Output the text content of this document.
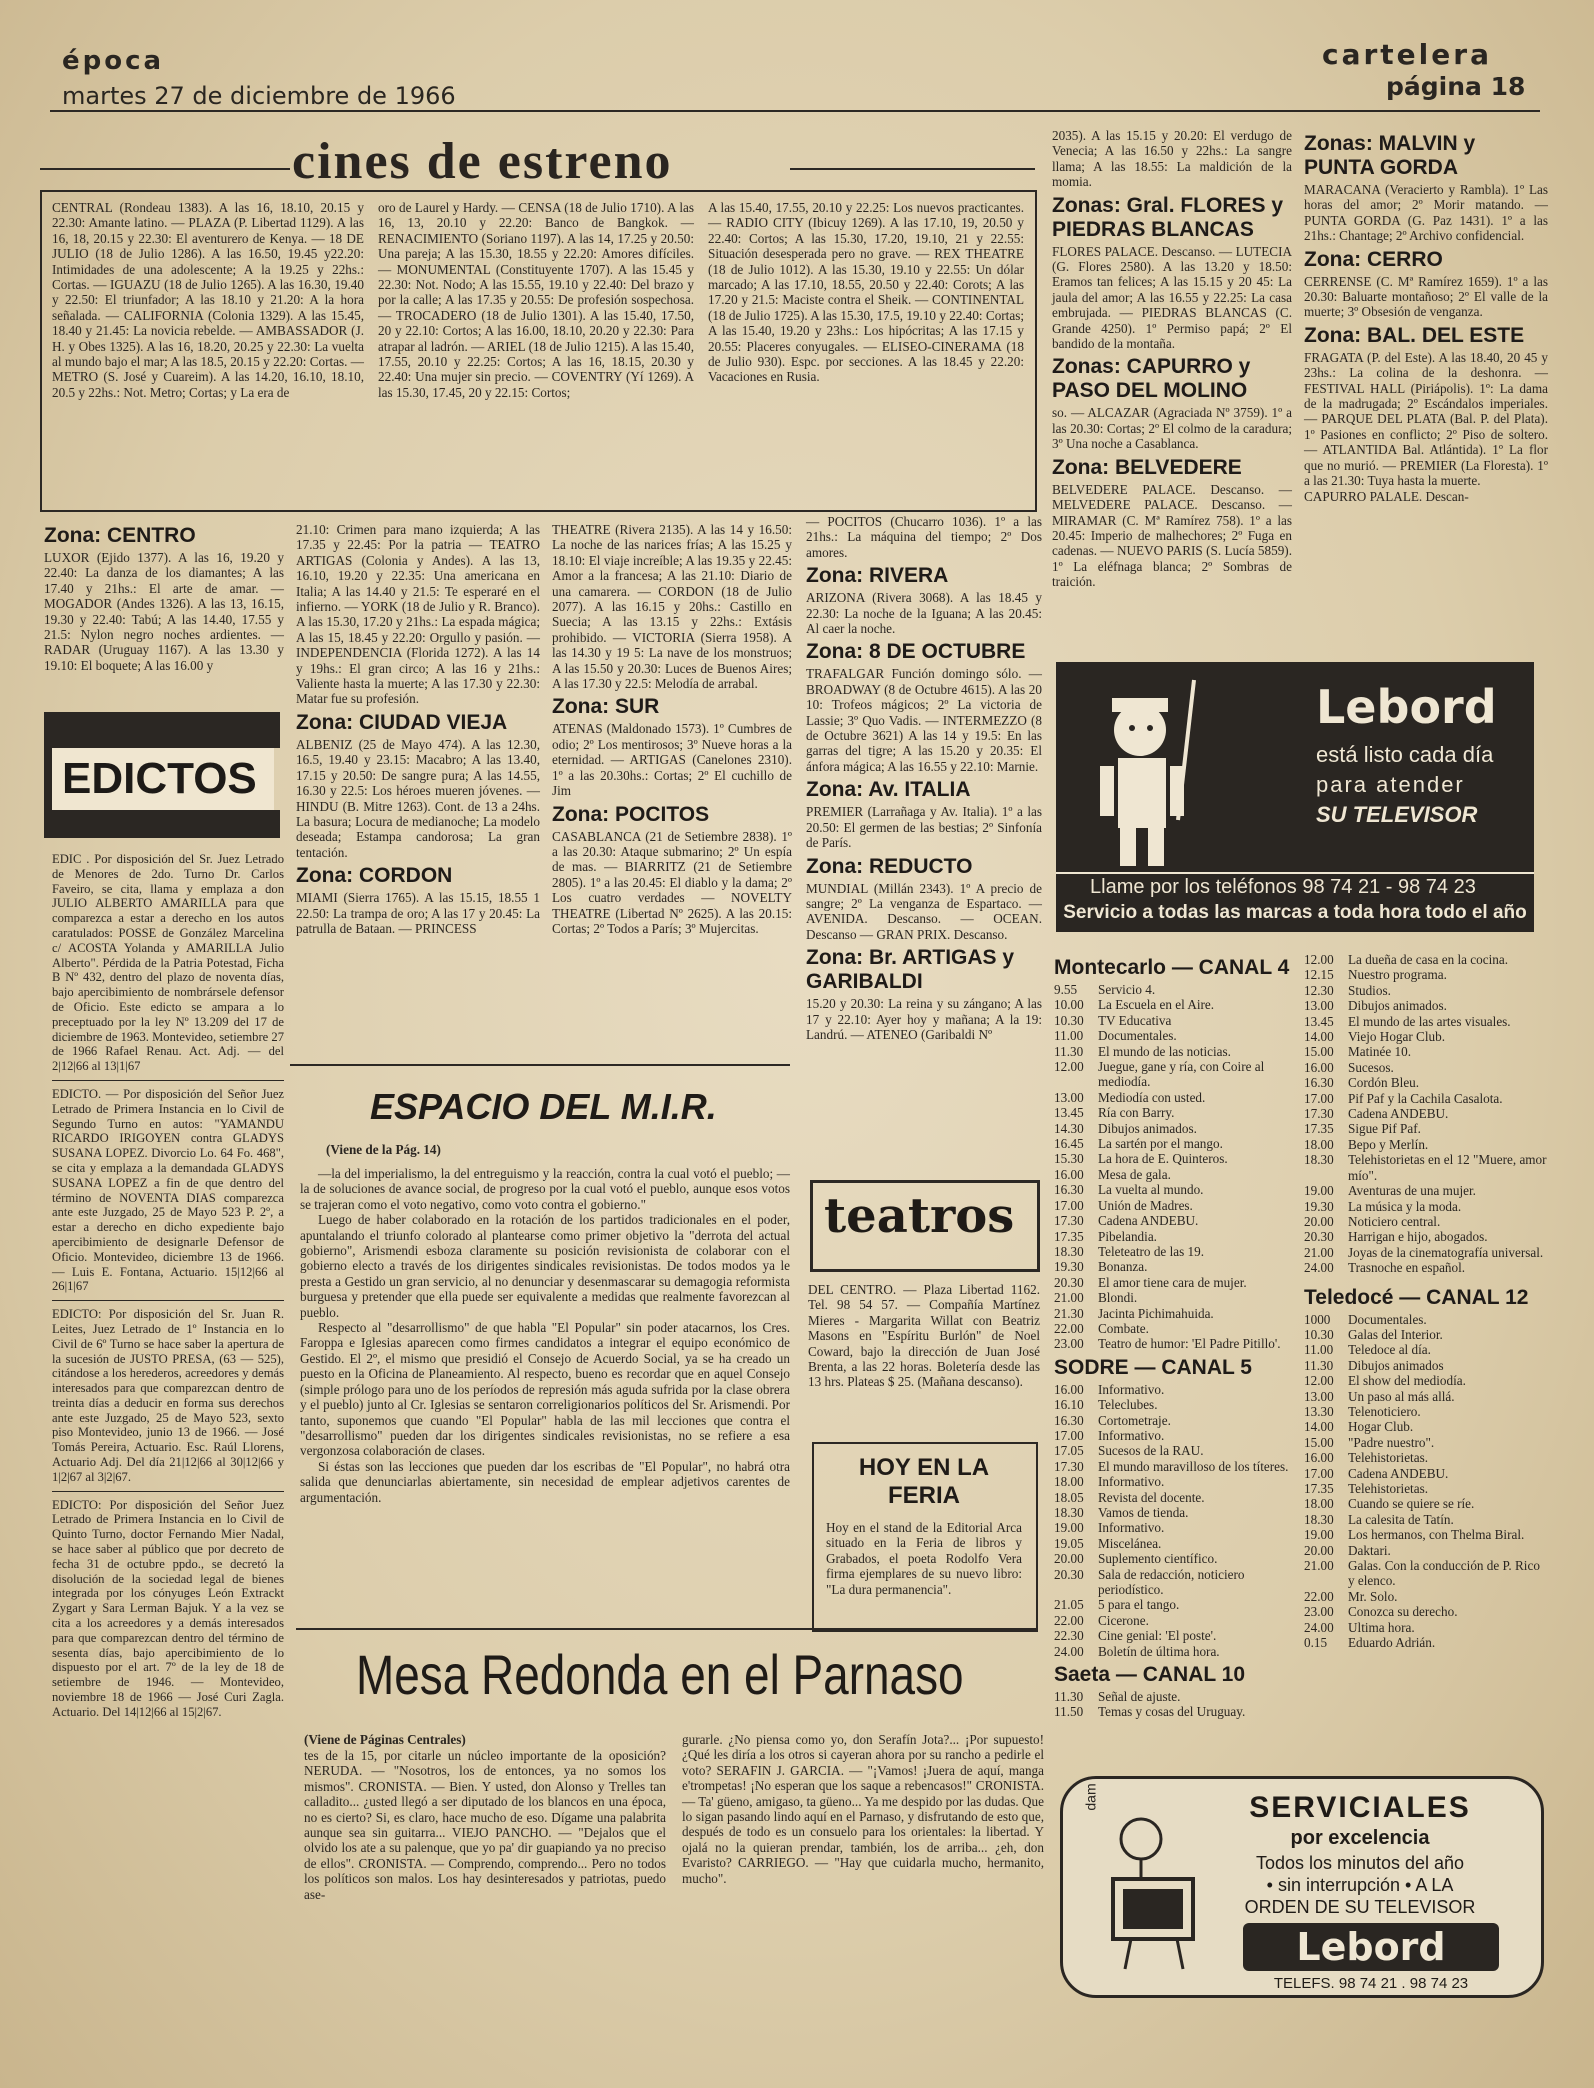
época
martes 27 de diciembre de 1966
cartelera
página 18
cines de estreno
CENTRAL (Rondeau 1383). A las 16, 18.10, 20.15 y 22.30: Amante latino. — PLAZA (P. Libertad 1129). A las 16, 18, 20.15 y 22.30: El aventurero de Kenya. — 18 DE JULIO (18 de Julio 1286). A las 16.50, 19.45 y22.20: Intimidades de una adolescente; A la 19.25 y 22hs.: Cortas. — IGUAZU (18 de Julio 1265). A las 16.30, 19.40 y 22.50: El triunfador; A las 18.10 y 21.20: A la hora señalada. — CALIFORNIA (Colonia 1329). A las 15.45, 18.40 y 21.45: La novicia rebelde. — AMBASSADOR (J. H. y Obes 1325). A las 16, 18.20, 20.25 y 22.30: La vuelta al mundo bajo el mar; A las 18.5, 20.15 y 22.20: Cortas. — METRO (S. José y Cuareim). A las 14.20, 16.10, 18.10, 20.5 y 22hs.: Not. Metro; Cortas; y La era de
oro de Laurel y Hardy. — CENSA (18 de Julio 1710). A las 16, 13, 20.10 y 22.20: Banco de Bangkok. — RENACIMIENTO (Soriano 1197). A las 14, 17.25 y 20.50: Una pareja; A las 15.30, 18.55 y 22.20: Amores difíciles. — MONUMENTAL (Constituyente 1707). A las 15.45 y 22.30: Not. Nodo; A las 15.55, 19.10 y 22.40: Del brazo y por la calle; A las 17.35 y 20.55: De profesión sospechosa. — TROCADERO (18 de Julio 1301). A las 15.40, 17.50, 20 y 22.10: Cortos; A las 16.00, 18.10, 20.20 y 22.30: Para atrapar al ladrón. — ARIEL (18 de Julio 1215). A las 15.40, 17.55, 20.10 y 22.25: Cortos; A las 16, 18.15, 20.30 y 22.40: Una mujer sin precio. — COVENTRY (Yí 1269). A las 15.30, 17.45, 20 y 22.15: Cortos;
A las 15.40, 17.55, 20.10 y 22.25: Los nuevos practicantes. — RADIO CITY (Ibicuy 1269). A las 17.10, 19, 20.50 y 22.40: Cortos; A las 15.30, 17.20, 19.10, 21 y 22.55: Situación desesperada pero no grave. — REX THEATRE (18 de Julio 1012). A las 15.30, 19.10 y 22.55: Un dólar marcado; A las 17.10, 18.55, 20.50 y 22.40: Corots; A las 17.20 y 21.5: Maciste contra el Sheik. — CONTINENTAL (18 de Julio 1725). A las 15.30, 17.5, 19.10 y 22.40: Cortas; A las 15.40, 19.20 y 23hs.: Los hipócritas; A las 17.15 y 20.55: Placeres conyugales. — ELISEO-CINERAMA (18 de Julio 930). Espc. por secciones. A las 18.45 y 22.20: Vacaciones en Rusia.
Zona: CENTRO
LUXOR (Ejido 1377). A las 16, 19.20 y 22.40: La danza de los diamantes; A las 17.40 y 21hs.: El arte de amar. — MOGADOR (Andes 1326). A las 13, 16.15, 19.30 y 22.40: Tabú; A las 14.40, 17.55 y 21.5: Nylon negro noches ardientes. — RADAR (Uruguay 1167). A las 13.30 y 19.10: El boquete; A las 16.00 y
EDICTOS
EDIC . Por disposición del Sr. Juez Letrado de Menores de 2do. Turno Dr. Carlos Faveiro, se cita, llama y emplaza a don JULIO ALBERTO AMARILLA para que comparezca a estar a derecho en los autos caratulados: POSSE de González Marcelina c/ ACOSTA Yolanda y AMARILLA Julio Alberto". Pérdida de la Patria Potestad, Ficha B Nº 432, dentro del plazo de noventa días, bajo apercibimiento de nombrársele defensor de Oficio. Este edicto se ampara a lo preceptuado por la ley Nº 13.209 del 17 de diciembre de 1963. Montevideo, setiembre 27 de 1966 Rafael Renau. Act. Adj. — del 2|12|66 al 13|1|67
EDICTO. — Por disposición del Señor Juez Letrado de Primera Instancia en lo Civil de Segundo Turno en autos: "YAMANDU RICARDO IRIGOYEN contra GLADYS SUSANA LOPEZ. Divorcio Lo. 64 Fo. 468", se cita y emplaza a la demandada GLADYS SUSANA LOPEZ a fin de que dentro del término de NOVENTA DIAS comparezca ante este Juzgado, 25 de Mayo 523 P. 2º, a estar a derecho en dicho expediente bajo apercibimiento de designarle Defensor de Oficio. Montevideo, diciembre 13 de 1966. — Luis E. Fontana, Actuario. 15|12|66 al 26|1|67
EDICTO: Por disposición del Sr. Juan R. Leites, Juez Letrado de 1º Instancia en lo Civil de 6º Turno se hace saber la apertura de la sucesión de JUSTO PRESA, (63 — 525), citándose a los herederos, acreedores y demás interesados para que comparezcan dentro de treinta días a deducir en forma sus derechos ante este Juzgado, 25 de Mayo 523, sexto piso Montevideo, junio 13 de 1966. — José Tomás Pereira, Actuario. Esc. Raúl Llorens, Actuario Adj. Del día 21|12|66 al 30|12|66 y 1|2|67 al 3|2|67.
EDICTO: Por disposición del Señor Juez Letrado de Primera Instancia en lo Civil de Quinto Turno, doctor Fernando Mier Nadal, se hace saber al público que por decreto de fecha 31 de octubre ppdo., se decretó la disolución de la sociedad legal de bienes integrada por los cónyuges León Extrackt Zygart y Sara Lerman Bajuk. Y a la vez se cita a los acreedores y a demás interesados para que comparezcan dentro del término de sesenta días, bajo apercibimiento de lo dispuesto por el art. 7º de la ley de 18 de setiembre de 1946. — Montevideo, noviembre 18 de 1966 — José Curi Zagla. Actuario. Del 14|12|66 al 15|2|67.
21.10: Crimen para mano izquierda; A las 17.35 y 22.45: Por la patria — TEATRO ARTIGAS (Colonia y Andes). A las 13, 16.10, 19.20 y 22.35: Una americana en Italia; A las 14.40 y 21.5: Te esperaré en el infierno. — YORK (18 de Julio y R. Branco). A las 15.30, 17.20 y 21hs.: La espada mágica; A las 15, 18.45 y 22.20: Orgullo y pasión. — INDEPENDENCIA (Florida 1272). A las 14 y 19hs.: El gran circo; A las 16 y 21hs.: Valiente hasta la muerte; A las 17.30 y 22.30: Matar fue su profesión.
Zona: CIUDAD VIEJA
ALBENIZ (25 de Mayo 474). A las 12.30, 16.5, 19.40 y 23.15: Macabro; A las 13.40, 17.15 y 20.50: De sangre pura; A las 14.55, 16.30 y 22.5: Los héroes mueren jóvenes. — HINDU (B. Mitre 1263). Cont. de 13 a 24hs. La basura; Locura de medianoche; La modelo deseada; Estampa candorosa; La gran tentación.
Zona: CORDON
MIAMI (Sierra 1765). A las 15.15, 18.55 1 22.50: La trampa de oro; A las 17 y 20.45: La patrulla de Bataan. — PRINCESS
THEATRE (Rivera 2135). A las 14 y 16.50: La noche de las narices frías; A las 15.25 y 18.10: El viaje increíble; A las 19.35 y 22.45: Amor a la francesa; A las 21.10: Diario de una camarera. — CORDON (18 de Julio 2077). A las 16.15 y 20hs.: Castillo en Suecia; A las 13.15 y 22hs.: Extásis prohibido. — VICTORIA (Sierra 1958). A las 14.30 y 19 5: La nave de los monstruos; A las 15.50 y 20.30: Luces de Buenos Aires; A las 17.30 y 22.5: Melodía de arrabal.
Zona: SUR
ATENAS (Maldonado 1573). 1º Cumbres de odio; 2º Los mentirosos; 3º Nueve horas a la eternidad. — ARTIGAS (Canelones 2310). 1º a las 20.30hs.: Cortas; 2º El cuchillo de Jim
Zona: POCITOS
CASABLANCA (21 de Setiembre 2838). 1º a las 20.30: Ataque submarino; 2º Un espía de mas. — BIARRITZ (21 de Setiembre 2805). 1º a las 20.45: El diablo y la dama; 2º Los cuatro verdades — NOVELTY THEATRE (Libertad Nº 2625). A las 20.15: Cortas; 2º Todos a París; 3º Mujercitas.
— POCITOS (Chucarro 1036). 1º a las 21hs.: La máquina del tiempo; 2º Dos amores.
Zona: RIVERA
ARIZONA (Rivera 3068). A las 18.45 y 22.30: La noche de la Iguana; A las 20.45: Al caer la noche.
Zona: 8 DE OCTUBRE
TRAFALGAR Función domingo sólo. — BROADWAY (8 de Octubre 4615). A las 20 10: Trofeos mágicos; 2º La victoria de Lassie; 3º Quo Vadis. — INTERMEZZO (8 de Octubre 3621) A las 14 y 19.5: En las garras del tigre; A las 15.20 y 20.35: El ánfora mágica; A las 16.55 y 22.10: Marnie.
Zona: Av. ITALIA
PREMIER (Larrañaga y Av. Italia). 1º a las 20.50: El germen de las bestias; 2º Sinfonía de París.
Zona: REDUCTO
MUNDIAL (Millán 2343). 1º A precio de sangre; 2º La venganza de Espartaco. — AVENIDA. Descanso. — OCEAN. Descanso — GRAN PRIX. Descanso.
Zona: Br. ARTIGAS y GARIBALDI
15.20 y 20.30: La reina y su zángano; A las 17 y 22.10: Ayer hoy y mañana; A la 19: Landrú. — ATENEO (Garibaldi Nº
2035). A las 15.15 y 20.20: El verdugo de Venecia; A las 16.50 y 22hs.: La sangre llama; A las 18.55: La maldición de la momia.
Zonas: Gral. FLORES y PIEDRAS BLANCAS
FLORES PALACE. Descanso. — LUTECIA (G. Flores 2580). A las 13.20 y 18.50: Eramos tan felices; A las 15.15 y 20 45: La jaula del amor; A las 16.55 y 22.25: La casa embrujada. — PIEDRAS BLANCAS (C. Grande 4250). 1º Permiso papá; 2º El bandido de la montaña.
Zonas: CAPURRO y PASO DEL MOLINO
so. — ALCAZAR (Agraciada Nº 3759). 1º a las 20.30: Cortas; 2º El colmo de la caradura; 3º Una noche a Casablanca.
Zona: BELVEDERE
BELVEDERE PALACE. Descanso. — MELVEDERE PALACE. Descanso. — MIRAMAR (C. Mª Ramírez 758). 1º a las 20.45: Imperio de malhechores; 2º Fuga en cadenas. — NUEVO PARIS (S. Lucía 5859). 1º La eléfnaga blanca; 2º Sombras de traición.
Zonas: MALVIN y PUNTA GORDA
MARACANA (Veracierto y Rambla). 1º Las horas del amor; 2º Morir matando. — PUNTA GORDA (G. Paz 1431). 1º a las 21hs.: Chantage; 2º Archivo confidencial.
Zona: CERRO
CERRENSE (C. Mª Ramírez 1659). 1º a las 20.30: Baluarte montañoso; 2º El valle de la muerte; 3º Obsesión de venganza.
Zona: BAL. DEL ESTE
FRAGATA (P. del Este). A las 18.40, 20 45 y 23hs.: La colina de la deshonra. — FESTIVAL HALL (Piriápolis). 1º: La dama de la madrugada; 2º Escándalos imperiales. — PARQUE DEL PLATA (Bal. P. del Plata). 1º Pasiones en conflicto; 2º Piso de soltero. — ATLANTIDA Bal. Atlántida). 1º La flor que no murió. — PREMIER (La Floresta). 1º a las 21.30: Tuya hasta la muerte.
CAPURRO PALALE. Descan-
Lebord
está listo cada día
para atender
SU TELEVISOR
Llame por los teléfonos 98 74 21 - 98 74 23
Servicio a todas las marcas a toda hora todo el año
ESPACIO DEL M.I.R.
(Viene de la Pág. 14)

—la del imperialismo, la del entreguismo y la reacción, contra la cual votó el pueblo; —la de soluciones de avance social, de progreso por la cual votó el pueblo, aunque esos votos se trajeran como el voto negativo, como voto contra el gobierno."

Luego de haber colaborado en la rotación de los partidos tradicionales en el poder, apuntalando el triunfo colorado al plantearse como primer objetivo la "derrota del actual gobierno", Arismendi esboza claramente su posición revisionista de colaborar con el gobierno electo a través de los dirigentes sindicales revisionistas. De todos modos ya le presta a Gestido un gran servicio, al no denunciar y desenmascarar su demagogia reformista burguesa y pretender que ella puede ser equivalente a medidas que realmente favorezcan al pueblo.

Respecto al "desarrollismo" de que habla "El Popular" sin poder atacarnos, los Cres. Faroppa e Iglesias aparecen como firmes candidatos a integrar el equipo económico de Gestido. El 2º, el mismo que presidió el Consejo de Acuerdo Social, ya se ha creado un puesto en la Oficina de Planeamiento. Al respecto, bueno es recordar que en aquel Consejo (simple prólogo para uno de los períodos de represión más aguda sufrida por la clase obrera y el pueblo) junto al Cr. Iglesias se sentaron correligionarios políticos del Sr. Arismendi. Por tanto, suponemos que cuando "El Popular" habla de las mil lecciones que contra el "desarrollismo" pueden dar los dirigentes sindicales revisionistas, no se refiere a esa vergonzosa colaboración de clases.

Si éstas son las lecciones que pueden dar los escribas de "El Popular", no habrá otra salida que denunciarlas abiertamente, sin necesidad de emplear adjetivos carentes de argumentación.

teatros
DEL CENTRO. — Plaza Libertad 1162. Tel. 98 54 57. — Compañía Martínez Mieres - Margarita Willat con Beatriz Masons en "Espíritu Burlón" de Noel Coward, bajo la dirección de Juan José Brenta, a las 22 horas. Boletería desde las 13 hrs. Plateas $ 25. (Mañana descanso).
HOY EN LA FERIA
Hoy en el stand de la Editorial Arca situado en la Feria de libros y Grabados, el poeta Rodolfo Vera firma ejemplares de su nuevo libro: "La dura permanencia".
Montecarlo — CANAL 4
9.55	Servicio 4.
10.00	La Escuela en el Aire.
10.30	TV Educativa
11.00	Documentales.
11.30	El mundo de las noticias.
12.00	Juegue, gane y ría, con Coire al mediodía.
13.00	Mediodía con usted.
13.45	Ría con Barry.
14.30	Dibujos animados.
16.45	La sartén por el mango.
15.30	La hora de E. Quinteros.
16.00	Mesa de gala.
16.30	La vuelta al mundo.
17.00	Unión de Madres.
17.30	Cadena ANDEBU.
17.35	Pibelandia.
18.30	Teleteatro de las 19.
19.30	Bonanza.
20.30	El amor tiene cara de mujer.
21.00	Blondi.
21.30	Jacinta Pichimahuida.
22.00	Combate.
23.00	Teatro de humor: 'El Padre Pitillo'.
SODRE — CANAL 5
16.00	Informativo.
16.10	Teleclubes.
16.30	Cortometraje.
17.00	Informativo.
17.05	Sucesos de la RAU.
17.30	El mundo maravilloso de los títeres.
18.00	Informativo.
18.05	Revista del docente.
18.30	Vamos de tienda.
19.00	Informativo.
19.05	Miscelánea.
20.00	Suplemento científico.
20.30	Sala de redacción, noticiero periodístico.
21.05	5 para el tango.
22.00	Cicerone.
22.30	Cine genial: 'El poste'.
24.00	Boletín de última hora.
Saeta — CANAL 10
11.30	Señal de ajuste.
11.50	Temas y cosas del Uruguay.
12.00	La dueña de casa en la cocina.
12.15	Nuestro programa.
12.30	Studios.
13.00	Dibujos animados.
13.45	El mundo de las artes visuales.
14.00	Viejo Hogar Club.
15.00	Matinée 10.
16.00	Sucesos.
16.30	Cordón Bleu.
17.00	Pif Paf y la Cachila Casalota.
17.30	Cadena ANDEBU.
17.35	Sigue Pif Paf.
18.00	Bepo y Merlín.
18.30	Telehistorietas en el 12 "Muere, amor mío".
19.00	Aventuras de una mujer.
19.30	La música y la moda.
20.00	Noticiero central.
20.30	Harrigan e hijo, abogados.
21.00	Joyas de la cinematografía universal.
24.00	Trasnoche en español.
Teledocé — CANAL 12
1000	Documentales.
10.30	Galas del Interior.
11.00	Teledoce al día.
11.30	Dibujos animados
12.00	El show del mediodía.
13.00	Un paso al más allá.
13.30	Telenoticiero.
14.00	Hogar Club.
15.00	"Padre nuestro".
16.00	Telehistorietas.
17.00	Cadena ANDEBU.
17.35	Telehistorietas.
18.00	Cuando se quiere se ríe.
18.30	La calesita de Tatín.
19.00	Los hermanos, con Thelma Biral.
20.00	Daktari.
21.00	Galas. Con la conducción de P. Rico y elenco.
22.00	Mr. Solo.
23.00	Conozca su derecho.
24.00	Ultima hora.
0.15	Eduardo Adrián.
Mesa Redonda en el Parnaso
(Viene de Páginas Centrales)
tes de la 15, por citarle un núcleo importante de la oposición? NERUDA. — "Nosotros, los de entonces, ya no somos los mismos". CRONISTA. — Bien. Y usted, don Alonso y Trelles tan calladito... ¿usted llegó a ser diputado de los blancos en una época, no es cierto? Si, es claro, hace mucho de eso. Dígame una palabrita aunque sea sin guitarra... VIEJO PANCHO. — "Dejalos que el olvido los ate a su palenque, que yo pa' dir guapiando ya no preciso de ellos". CRONISTA. — Comprendo, comprendo... Pero no todos los políticos son malos. Los hay desinteresados y patriotas, puedo ase-
gurarle. ¿No piensa como yo, don Serafín Jota?... ¡Por supuesto! ¿Qué les diría a los otros si cayeran ahora por su rancho a pedirle el voto? SERAFIN J. GARCIA. — "¡Vamos! ¡Juera de aquí, manga e'trompetas! ¡No esperan que los saque a rebencasos!" CRONISTA. — Ta' güeno, amigaso, ta güeno... Ya me despido por las dudas. Que lo sigan pasando lindo aquí en el Parnaso, y disfrutando de esto que, después de todo es un consuelo para los orientales: la libertad. Y ojalá no la quieran prendar, también, los de arriba... ¿eh, don Evaristo? CARRIEGO. — "Hay que cuidarla mucho, hermanito, mucho".
dam	SERVICIALES
por excelencia
Todos los minutos del año
• sin interrupción • A LA
ORDEN DE SU TELEVISOR
Lebord
TELEFS. 98 74 21 . 98 74 23
